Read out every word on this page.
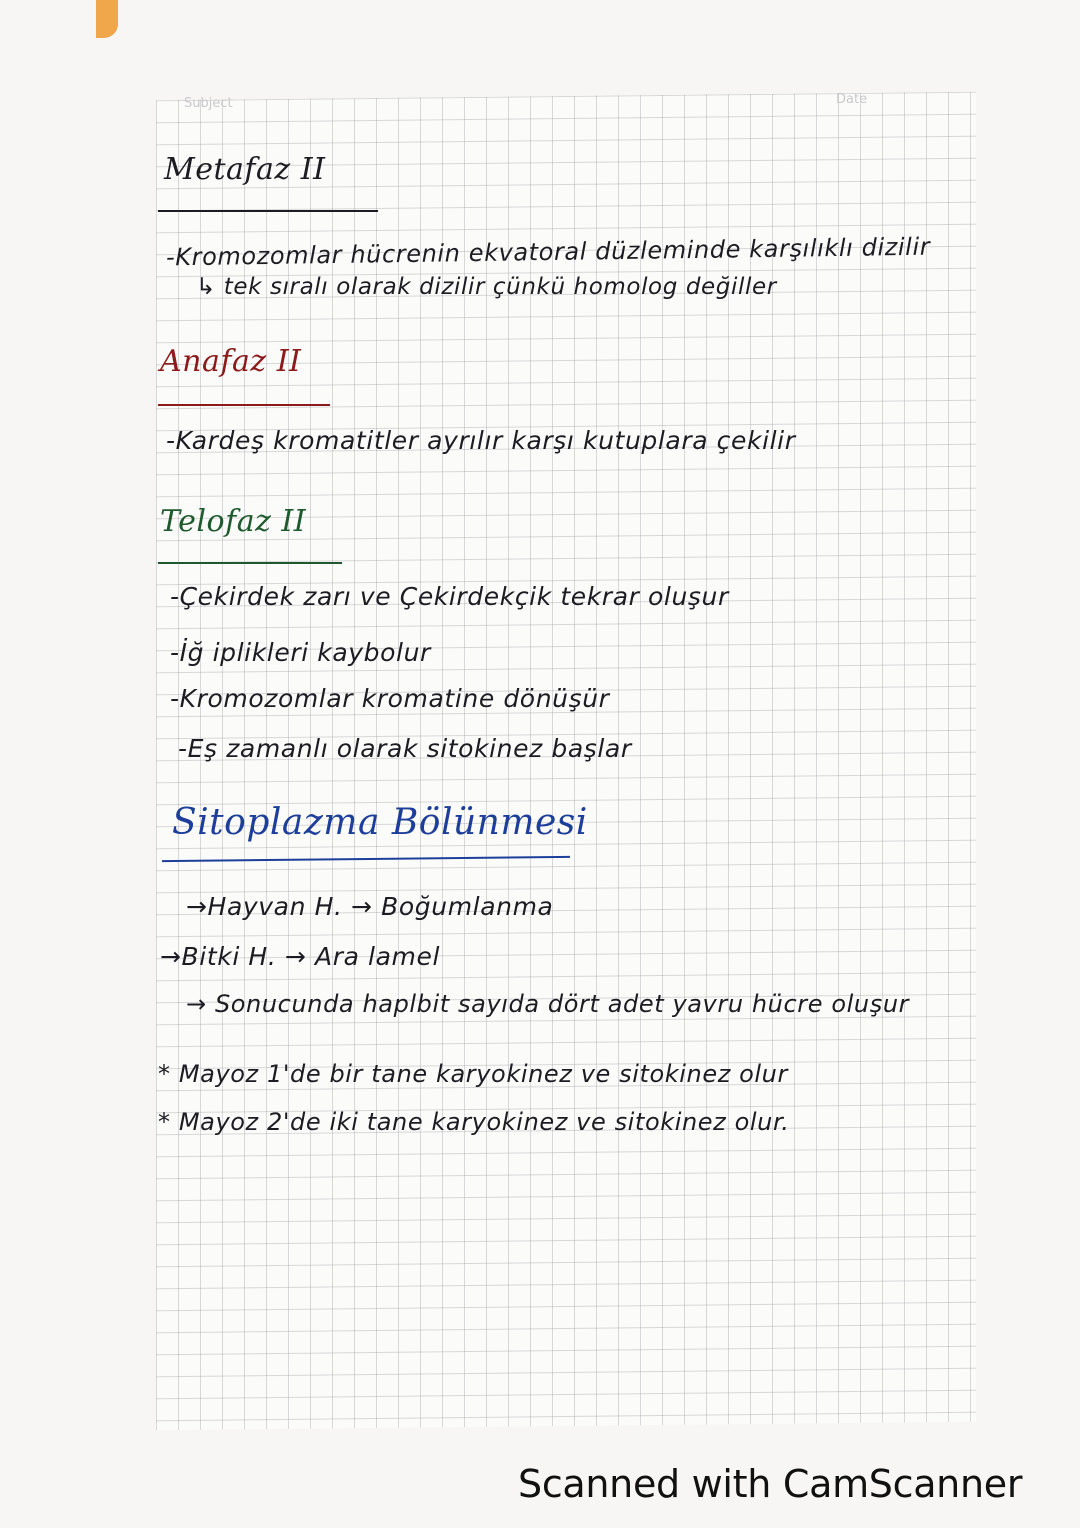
Subject	Date
Metafaz II
-Kromozomlar hücrenin ekvatoral düzleminde karşılıklı dizilir
↳ tek sıralı olarak dizilir çünkü homolog değiller
Anafaz II
-Kardeş kromatitler ayrılır karşı kutuplara çekilir
Telofaz II
-Çekirdek zarı ve Çekirdekçik tekrar oluşur
-İğ iplikleri kaybolur
-Kromozomlar kromatine dönüşür
-Eş zamanlı olarak sitokinez başlar
Sitoplazma Bölünmesi
→Hayvan H. → Boğumlanma
→Bitki H. → Ara lamel
→ Sonucunda haplbit sayıda dört adet yavru hücre oluşur
* Mayoz 1'de bir tane karyokinez ve sitokinez olur
* Mayoz 2'de iki tane karyokinez ve sitokinez olur.
Scanned with CamScanner
